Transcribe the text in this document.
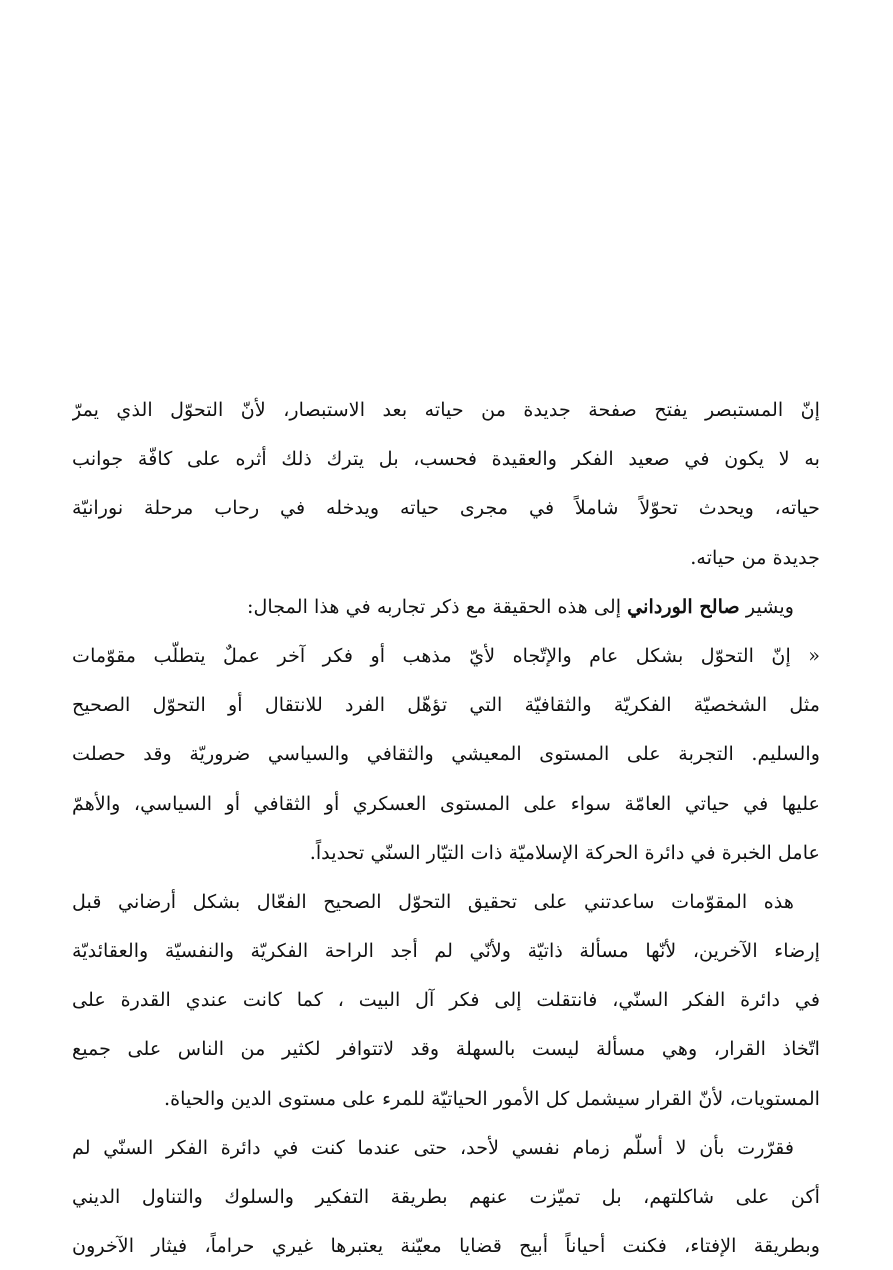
إنّ المستبصر يفتح صفحة جديدة من حياته بعد الاستبصار، لأنّ التحوّل الذي يمرّ
به لا يكون في صعيد الفكر والعقيدة فحسب، بل يترك ذلك أثره على كافّة جوانب
حياته، ويحدث تحوّلاً شاملاً في مجرى حياته ويدخله في رحاب مرحلة نورانيّة
جديدة من حياته.
ويشير صالح الورداني إلى هذه الحقيقة مع ذكر تجاربه في هذا المجال:
« إنّ التحوّل بشكل عام والإتّجاه لأيّ مذهب أو فكر آخر عملٌ يتطلّب مقوّمات
مثل الشخصيّة الفكريّة والثقافيّة التي تؤهّل الفرد للانتقال أو التحوّل الصحيح
والسليم. التجربة على المستوى المعيشي والثقافي والسياسي ضروريّة وقد حصلت
عليها في حياتي العامّة سواء على المستوى العسكري أو الثقافي أو السياسي، والأهمّ
عامل الخبرة في دائرة الحركة الإسلاميّة ذات التيّار السنّي تحديداً.
هذه المقوّمات ساعدتني على تحقيق التحوّل الصحيح الفعّال بشكل أرضاني قبل
إرضاء الآخرين، لأنّها مسألة ذاتيّة ولأنّي لم أجد الراحة الفكريّة والنفسيّة والعقائديّة
في دائرة الفكر السنّي، فانتقلت إلى فكر آل البيت ، كما كانت عندي القدرة على
اتّخاذ القرار، وهي مسألة ليست بالسهلة وقد لاتتوافر لكثير من الناس على جميع
المستويات، لأنّ القرار سيشمل كل الأمور الحياتيّة للمرء على مستوى الدين والحياة.
فقرّرت بأن لا أسلّم زمام نفسي لأحد، حتى عندما كنت في دائرة الفكر السنّي لم
أكن على شاكلتهم، بل تميّزت عنهم بطريقة التفكير والسلوك والتناول الديني
وبطريقة الإفتاء، فكنت أحياناً أبيح قضايا معيّنة يعتبرها غيري حراماً، فيثار الآخرون
